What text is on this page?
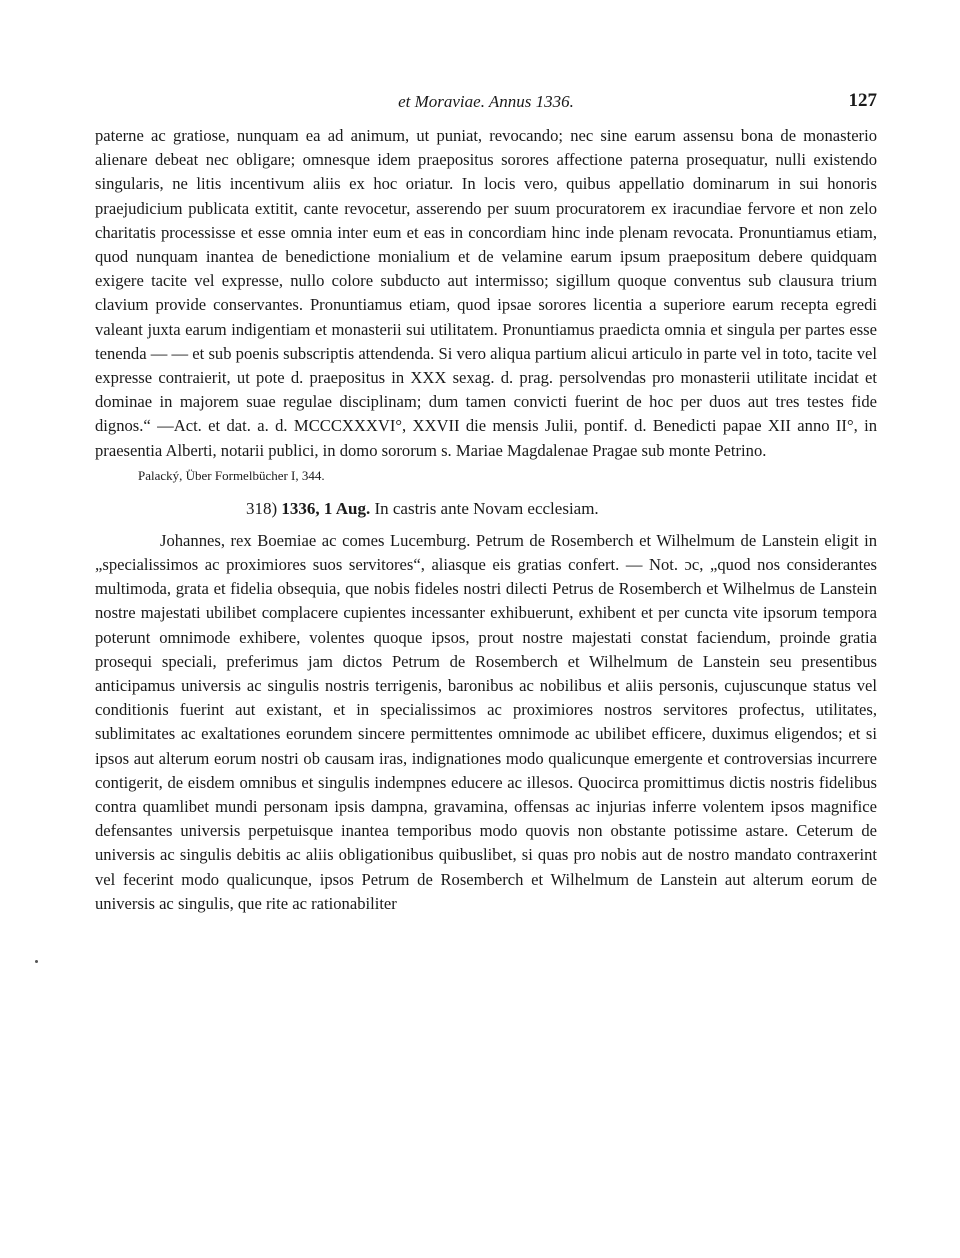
et Moraviae. Annus 1336.	127

paterne ac gratiose, nunquam ea ad animum, ut puniat, revocando; nec sine earum assensu bona de monasterio alienare debeat nec obligare; omnesque idem praepositus sorores affectione paterna prosequatur, nulli existendo singularis, ne litis incentivum aliis ex hoc oriatur. In locis vero, quibus appellatio dominarum in sui honoris praejudicium publicata extitit, cante revocetur, asserendo per suum procuratorem ex iracundiae fervore et non zelo charitatis processisse et esse omnia inter eum et eas in concordiam hinc inde plenam revocata. Pronuntiamus etiam, quod nunquam inantea de benedictione monialium et de velamine earum ipsum praepositum debere quidquam exigere tacite vel expresse, nullo colore subducto aut intermisso; sigillum quoque conventus sub clausura trium clavium provide conservantes. Pronuntiamus etiam, quod ipsae sorores licentia a superiore earum recepta egredi valeant juxta earum indigentiam et monasterii sui utilitatem. Pronuntiamus praedicta omnia et singula per partes esse tenenda — — et sub poenis subscriptis attendenda. Si vero aliqua partium alicui articulo in parte vel in toto, tacite vel expresse contraierit, ut pote d. praepositus in XXX sexag. d. prag. persolvendas pro monasterii utilitate incidat et dominae in majorem suae regulae disciplinam; dum tamen convicti fuerint de hoc per duos aut tres testes fide dignos.“ —Act. et dat. a. d. MCCCXXXVI°, XXVII die mensis Julii, pontif. d. Benedicti papae XII anno II°, in praesentia Alberti, notarii publici, in domo sororum s. Mariae Magdalenae Pragae sub monte Petrino.

Palacký, Über Formelbücher I, 344.
318) 1336, 1 Aug. In castris ante Novam ecclesiam.

Johannes, rex Boemiae ac comes Lucemburg. Petrum de Rosemberch et Wilhelmum de Lanstein eligit in „specialissimos ac proximiores suos servitores“, aliasque eis gratias confert. — Not. ɔc, „quod nos considerantes multimoda, grata et fidelia obsequia, que nobis fideles nostri dilecti Petrus de Rosemberch et Wilhelmus de Lanstein nostre majestati ubilibet complacere cupientes incessanter exhibuerunt, exhibent et per cuncta vite ipsorum tempora poterunt omnimode exhibere, volentes quoque ipsos, prout nostre majestati constat faciendum, proinde gratia prosequi speciali, preferimus jam dictos Petrum de Rosemberch et Wilhelmum de Lanstein seu presentibus anticipamus universis ac singulis nostris terrigenis, baronibus ac nobilibus et aliis personis, cujuscunque status vel conditionis fuerint aut existant, et in specialissimos ac proximiores nostros servitores profectus, utilitates, sublimitates ac exaltationes eorundem sincere permittentes omnimode ac ubilibet efficere, duximus eligendos; et si ipsos aut alterum eorum nostri ob causam iras, indignationes modo qualicunque emergente et controversias incurrere contigerit, de eisdem omnibus et singulis indempnes educere ac illesos. Quocirca promittimus dictis nostris fidelibus contra quamlibet mundi personam ipsis dampna, gravamina, offensas ac injurias inferre volentem ipsos magnifice defensantes universis perpetuisque inantea temporibus modo quovis non obstante potissime astare. Ceterum de universis ac singulis debitis ac aliis obligationibus quibuslibet, si quas pro nobis aut de nostro mandato contraxerint vel fecerint modo qualicunque, ipsos Petrum de Rosemberch et Wilhelmum de Lanstein aut alterum eorum de universis ac singulis, que rite ac rationabiliter
